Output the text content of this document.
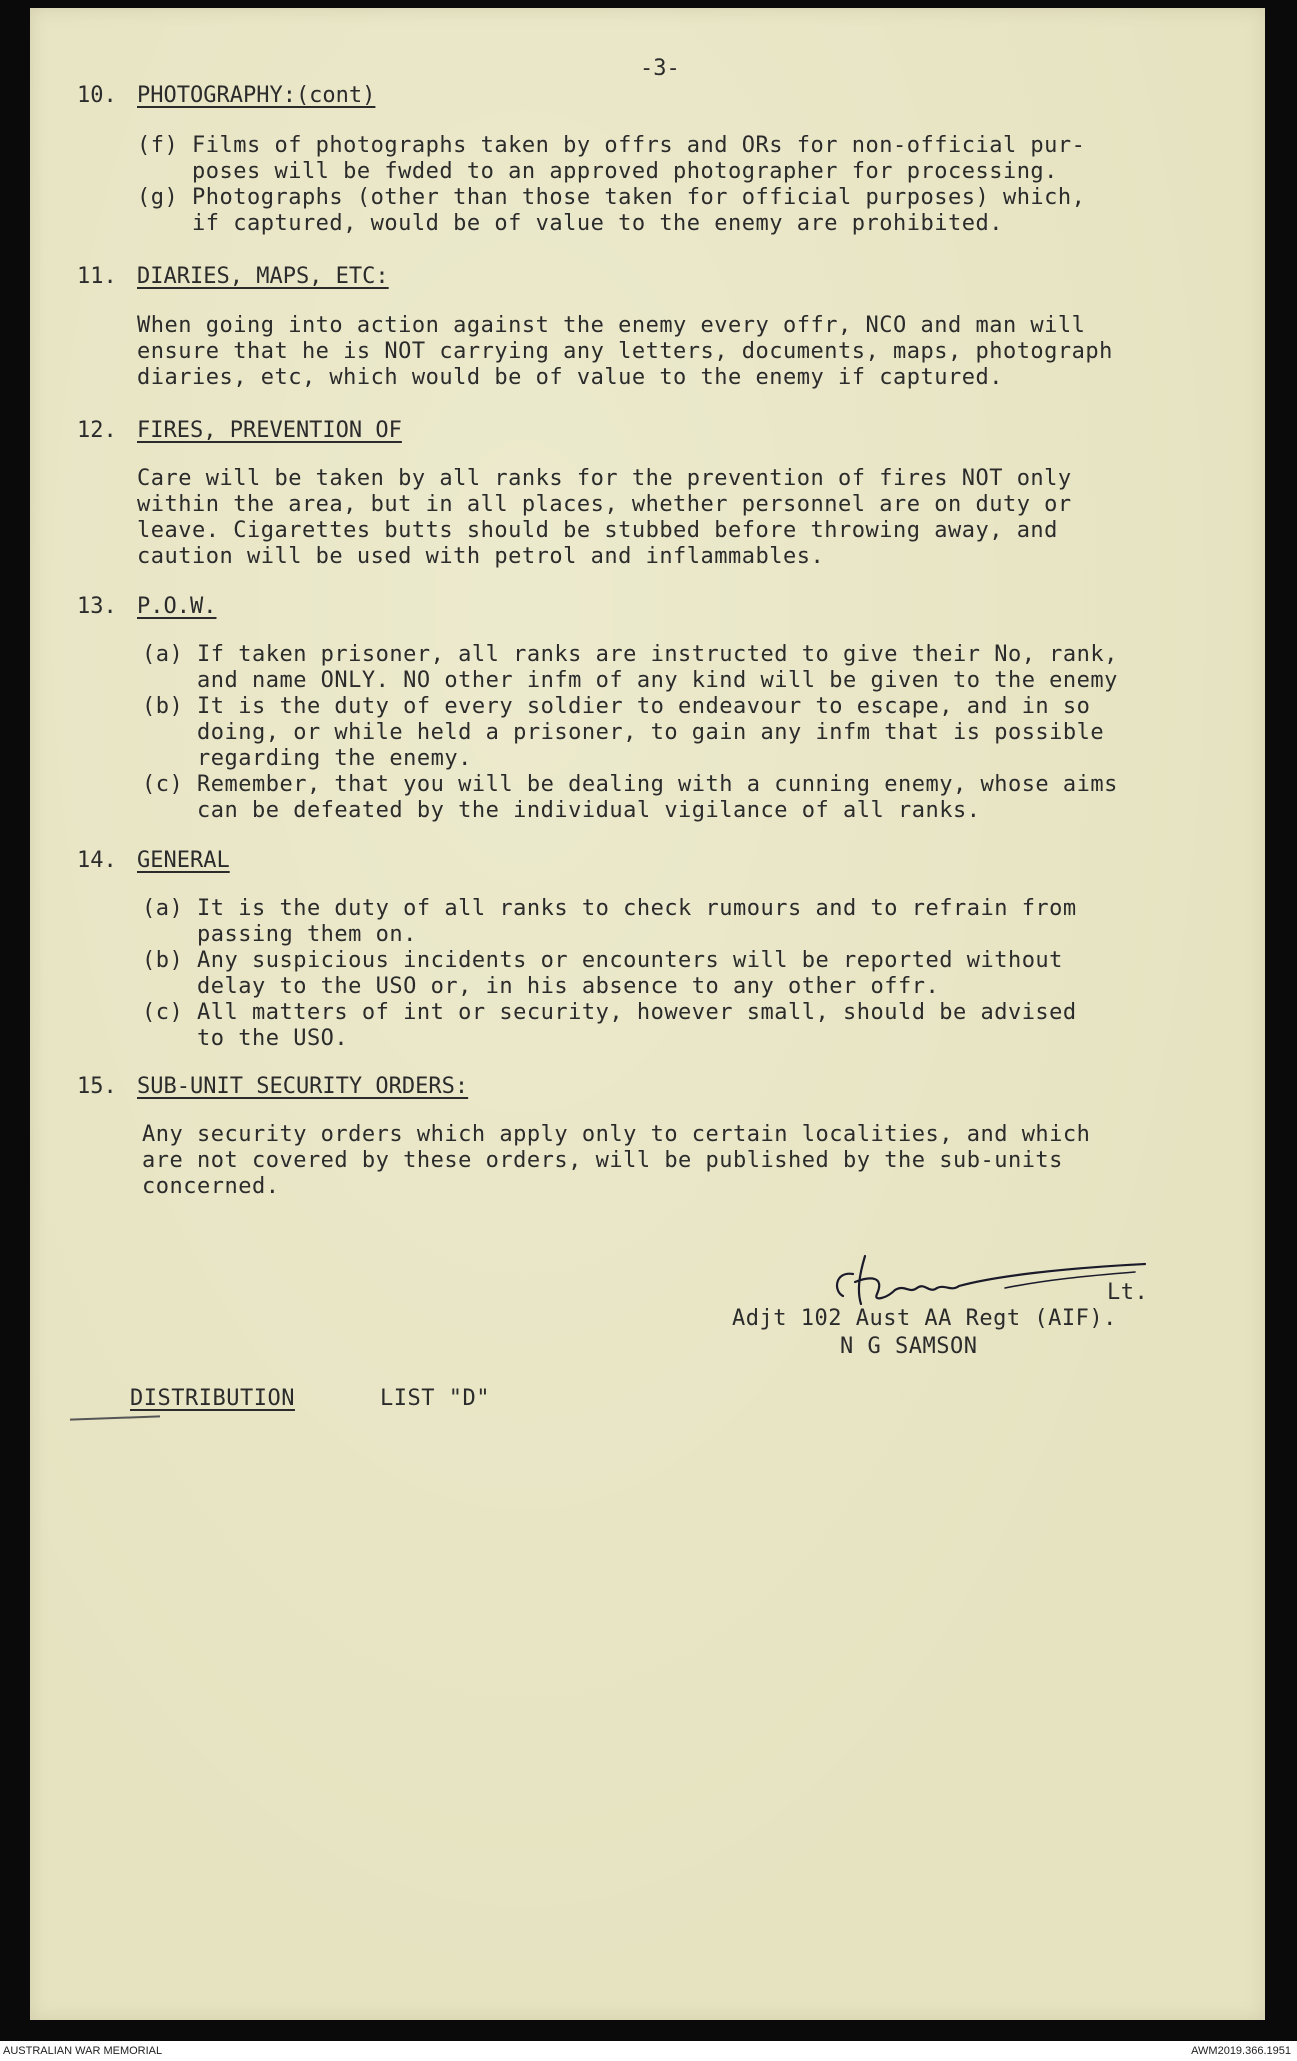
-3-
10. PHOTOGRAPHY:(cont)
(f) Films of photographs taken by offrs and ORs for non-official pur-
poses will be fwded to an approved photographer for processing.
(g) Photographs (other than those taken for official purposes) which,
if captured, would be of value to the enemy are prohibited.
11. DIARIES, MAPS, ETC:
When going into action against the enemy every offr, NCO and man will
ensure that he is NOT carrying any letters, documents, maps, photograph
diaries, etc, which would be of value to the enemy if captured.
12. FIRES, PREVENTION OF
Care will be taken by all ranks for the prevention of fires NOT only
within the area, but in all places, whether personnel are on duty or
leave. Cigarettes butts should be stubbed before throwing away, and
caution will be used with petrol and inflammables.
13. P.O.W.
(a) If taken prisoner, all ranks are instructed to give their No, rank,
and name ONLY. NO other infm of any kind will be given to the enemy
(b) It is the duty of every soldier to endeavour to escape, and in so
doing, or while held a prisoner, to gain any infm that is possible
regarding the enemy.
(c) Remember, that you will be dealing with a cunning enemy, whose aims
can be defeated by the individual vigilance of all ranks.
14. GENERAL
(a) It is the duty of all ranks to check rumours and to refrain from
passing them on.
(b) Any suspicious incidents or encounters will be reported without
delay to the USO or, in his absence to any other offr.
(c) All matters of int or security, however small, should be advised
to the USO.
15. SUB-UNIT SECURITY ORDERS:
Any security orders which apply only to certain localities, and which
are not covered by these orders, will be published by the sub-units
concerned.
Lt.
Adjt 102 Aust AA Regt (AIF).
N G SAMSON
DISTRIBUTION	LIST "D"
AUSTRALIAN WAR MEMORIAL	AWM2019.366.1951
